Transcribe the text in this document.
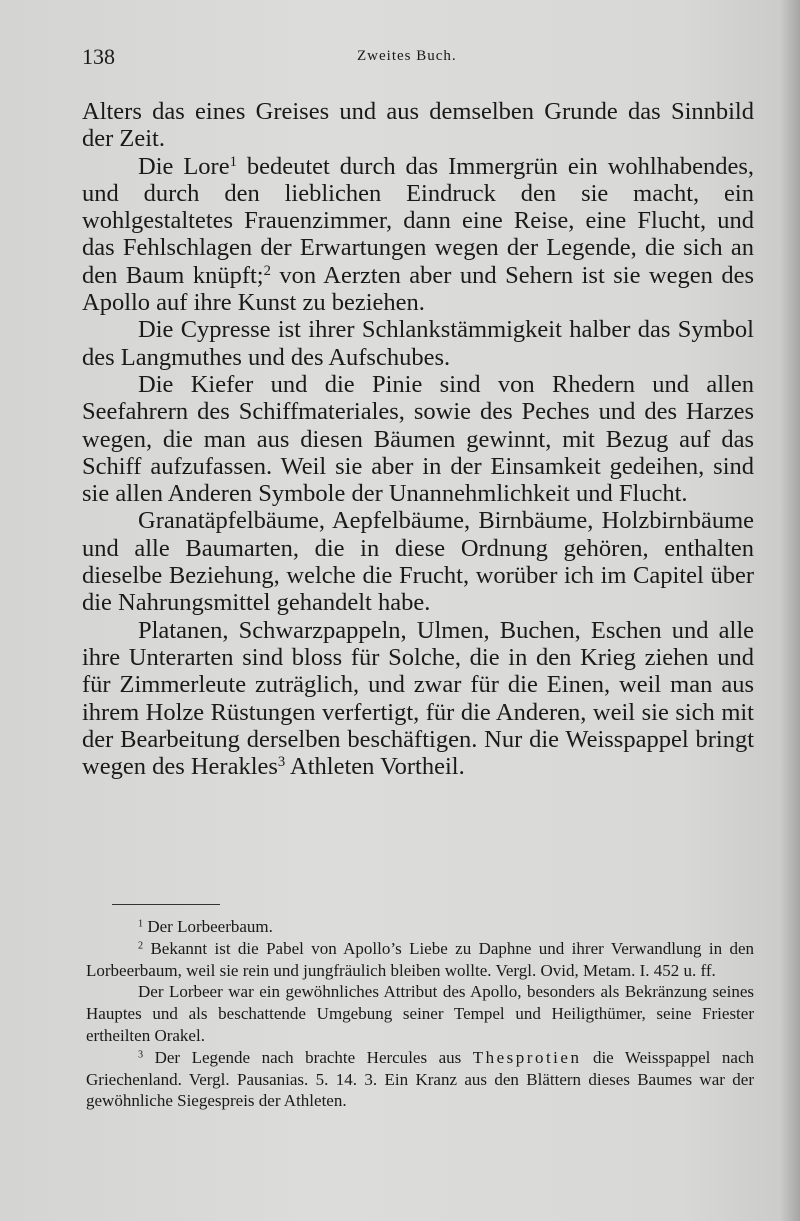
138	Zweites Buch.

Alters das eines Greises und aus demselben Grunde das Sinnbild der Zeit.

Die Lore$^1$ bedeutet durch das Immergrün ein wohlhabendes, und durch den lieblichen Eindruck den sie macht, ein wohlgestaltetes Frauenzimmer, dann eine Reise, eine Flucht, und das Fehlschlagen der Erwartungen wegen der Legende, die sich an den Baum knüpft;$^2$ von Aerzten aber und Sehern ist sie wegen des Apollo auf ihre Kunst zu beziehen.

Die Cypresse ist ihrer Schlankstämmigkeit halber das Symbol des Langmuthes und des Aufschubes.

Die Kiefer und die Pinie sind von Rhedern und allen Seefahrern des Schiffmateriales, sowie des Peches und des Harzes wegen, die man aus diesen Bäumen gewinnt, mit Bezug auf das Schiff aufzufassen. Weil sie aber in der Einsamkeit gedeihen, sind sie allen Anderen Symbole der Unannehmlichkeit und Flucht.

Granatäpfelbäume, Aepfelbäume, Birnbäume, Holzbirnbäume und alle Baumarten, die in diese Ordnung gehören, enthalten dieselbe Beziehung, welche die Frucht, worüber ich im Capitel über die Nahrungsmittel gehandelt habe.

Platanen, Schwarzpappeln, Ulmen, Buchen, Eschen und alle ihre Unterarten sind bloss für Solche, die in den Krieg ziehen und für Zimmerleute zuträglich, und zwar für die Einen, weil man aus ihrem Holze Rüstungen verfertigt, für die Anderen, weil sie sich mit der Bearbeitung derselben beschäftigen. Nur die Weisspappel bringt wegen des Herakles$^3$ Athleten Vortheil.

$^1$ Der Lorbeerbaum.

$^2$ Bekannt ist die Pabel von Apollo’s Liebe zu Daphne und ihrer Verwandlung in den Lorbeerbaum, weil sie rein und jungfräulich bleiben wollte. Vergl. Ovid, Metam. I. 452 u. ff.

Der Lorbeer war ein gewöhnliches Attribut des Apollo, besonders als Bekränzung seines Hauptes und als beschattende Umgebung seiner Tempel und Heiligthümer, seine Friester ertheilten Orakel.

$^3$ Der Legende nach brachte Hercules aus Thesprotien die Weisspappel nach Griechenland. Vergl. Pausanias. 5. 14. 3. Ein Kranz aus den Blättern dieses Baumes war der gewöhnliche Siegespreis der Athleten.
